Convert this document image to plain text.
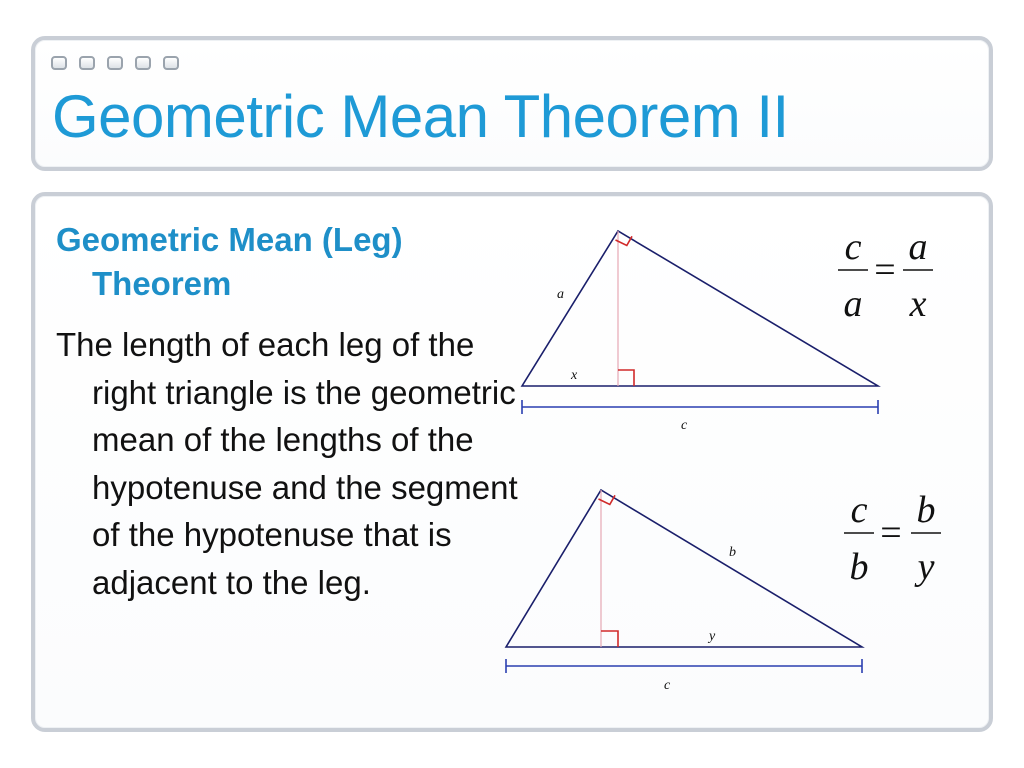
Geometric Mean Theorem II

Geometric Mean (Leg) Theorem

The length of each leg of the right triangle is the geometric mean of the lengths of the hypotenuse and the segment of the hypotenuse that is adjacent to the leg.

a
x
c
c
a
=
a
x
b
y
c
c
b
=
b
y
